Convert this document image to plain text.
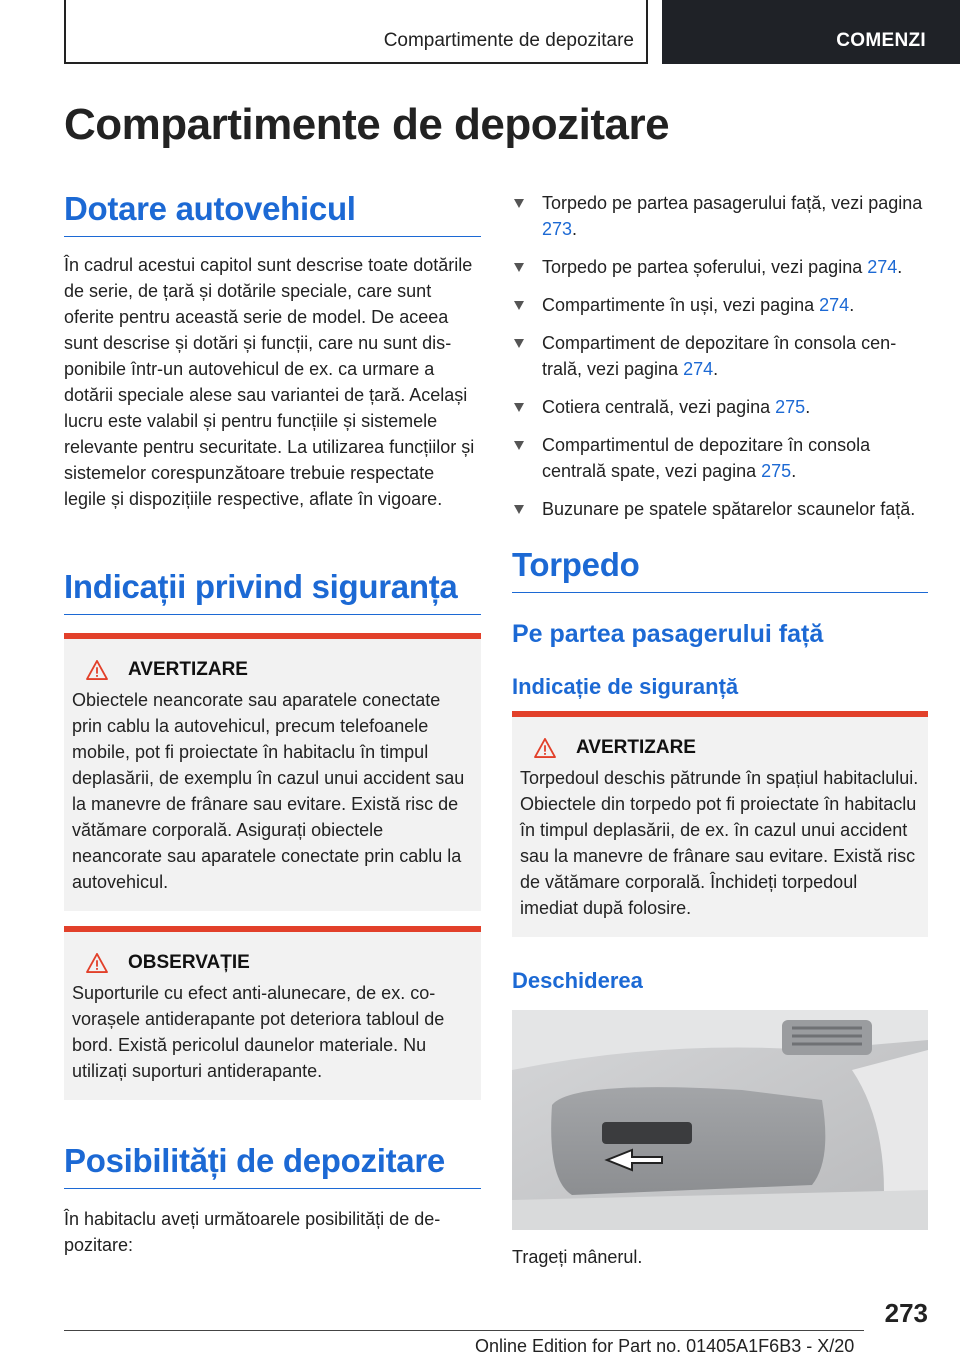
Compartimente de depozitare	COMENZI
Compartimente de depozitare
Dotare autovehicul

În cadrul acestui capitol sunt descrise toate dotările de serie, de țară și dotările speciale, care sunt oferite pentru această serie de model. De aceea sunt descrise și dotări și funcții, care nu sunt disponibile într-un autovehicul de ex. ca urmare a dotării speciale alese sau variantei de țară. Același lucru este valabil și pentru funcțiile și sistemele relevante pentru securitate. La utilizarea funcțiilor și sistemelor corespunzătoare trebuie respectate legile și dispozițiile respective, aflate în vigoare.

Indicații privind siguranța
AVERTIZARE

Obiectele neancorate sau aparatele conectate prin cablu la autovehicul, precum telefoanele mobile, pot fi proiectate în habitaclu în timpul deplasării, de exemplu în cazul unui accident sau la manevre de frânare sau evitare. Există risc de vătămare corporală. Asigurați obiectele neancorate sau aparatele conectate prin cablu la autovehicul.

OBSERVAȚIE

Suporturile cu efect anti-alunecare, de ex. covorașele antiderapante pot deteriora tabloul de bord. Există pericolul daunelor materiale. Nu utilizați suporturi antiderapante.

Posibilități de depozitare

În habitaclu aveți următoarele posibilități de depozitare:

Torpedo pe partea pasagerului față, vezi pagina 273.
Torpedo pe partea șoferului, vezi pagina 274.
Compartimente în uși, vezi pagina 274.
Compartiment de depozitare în consola centrală, vezi pagina 274.
Cotiera centrală, vezi pagina 275.
Compartimentul de depozitare în consola centrală spate, vezi pagina 275.
Buzunare pe spatele spătarelor scaunelor față.
Torpedo
Pe partea pasagerului față
Indicație de siguranță
AVERTIZARE

Torpedoul deschis pătrunde în spațiul habitaclului. Obiectele din torpedo pot fi proiectate în habitaclu în timpul deplasării, de ex. în cazul unui accident sau la manevre de frânare sau evitare. Există risc de vătămare corporală. Închideți torpedoul imediat după folosire.

Deschiderea

Trageți mânerul.

273
Online Edition for Part no. 01405A1F6B3 - X/20
